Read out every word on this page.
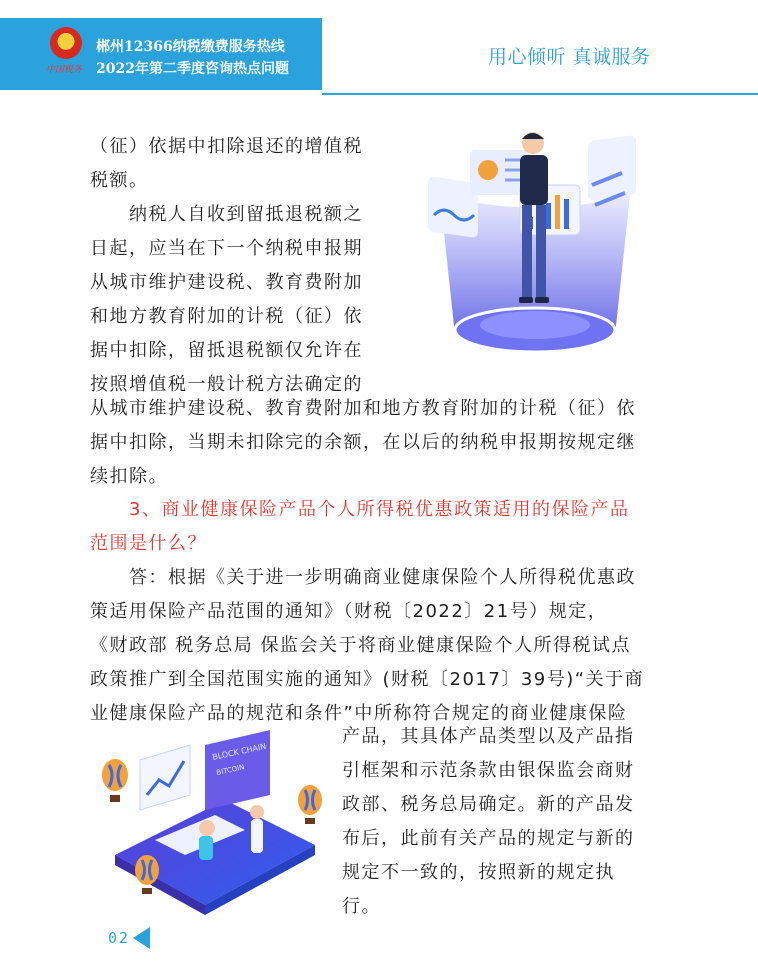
中国税务
郴州12366纳税缴费服务热线
2022年第二季度咨询热点问题
用心倾听 真诚服务
（征）依据中扣除退还的增值税
税额。
　　纳税人自收到留抵退税额之
日起，应当在下一个纳税申报期
从城市维护建设税、教育费附加
和地方教育附加的计税（征）依
据中扣除，留抵退税额仅允许在
按照增值税一般计税方法确定的
从城市维护建设税、教育费附加和地方教育附加的计税（征）依
据中扣除，当期未扣除完的余额，在以后的纳税申报期按规定继
续扣除。
　　3、商业健康保险产品个人所得税优惠政策适用的保险产品
范围是什么？
　　答：根据《关于进一步明确商业健康保险个人所得税优惠政
策适用保险产品范围的通知》（财税〔2022〕21号）规定，
《财政部 税务总局 保监会关于将商业健康保险个人所得税试点
政策推广到全国范围实施的通知》(财税〔2017〕39号)“关于商
业健康保险产品的规范和条件”中所称符合规定的商业健康保险
BLOCK CHAIN
BITCOIN
产品，其具体产品类型以及产品指
引框架和示范条款由银保监会商财
政部、税务总局确定。新的产品发
布后，此前有关产品的规定与新的
规定不一致的，按照新的规定执
行。
02
